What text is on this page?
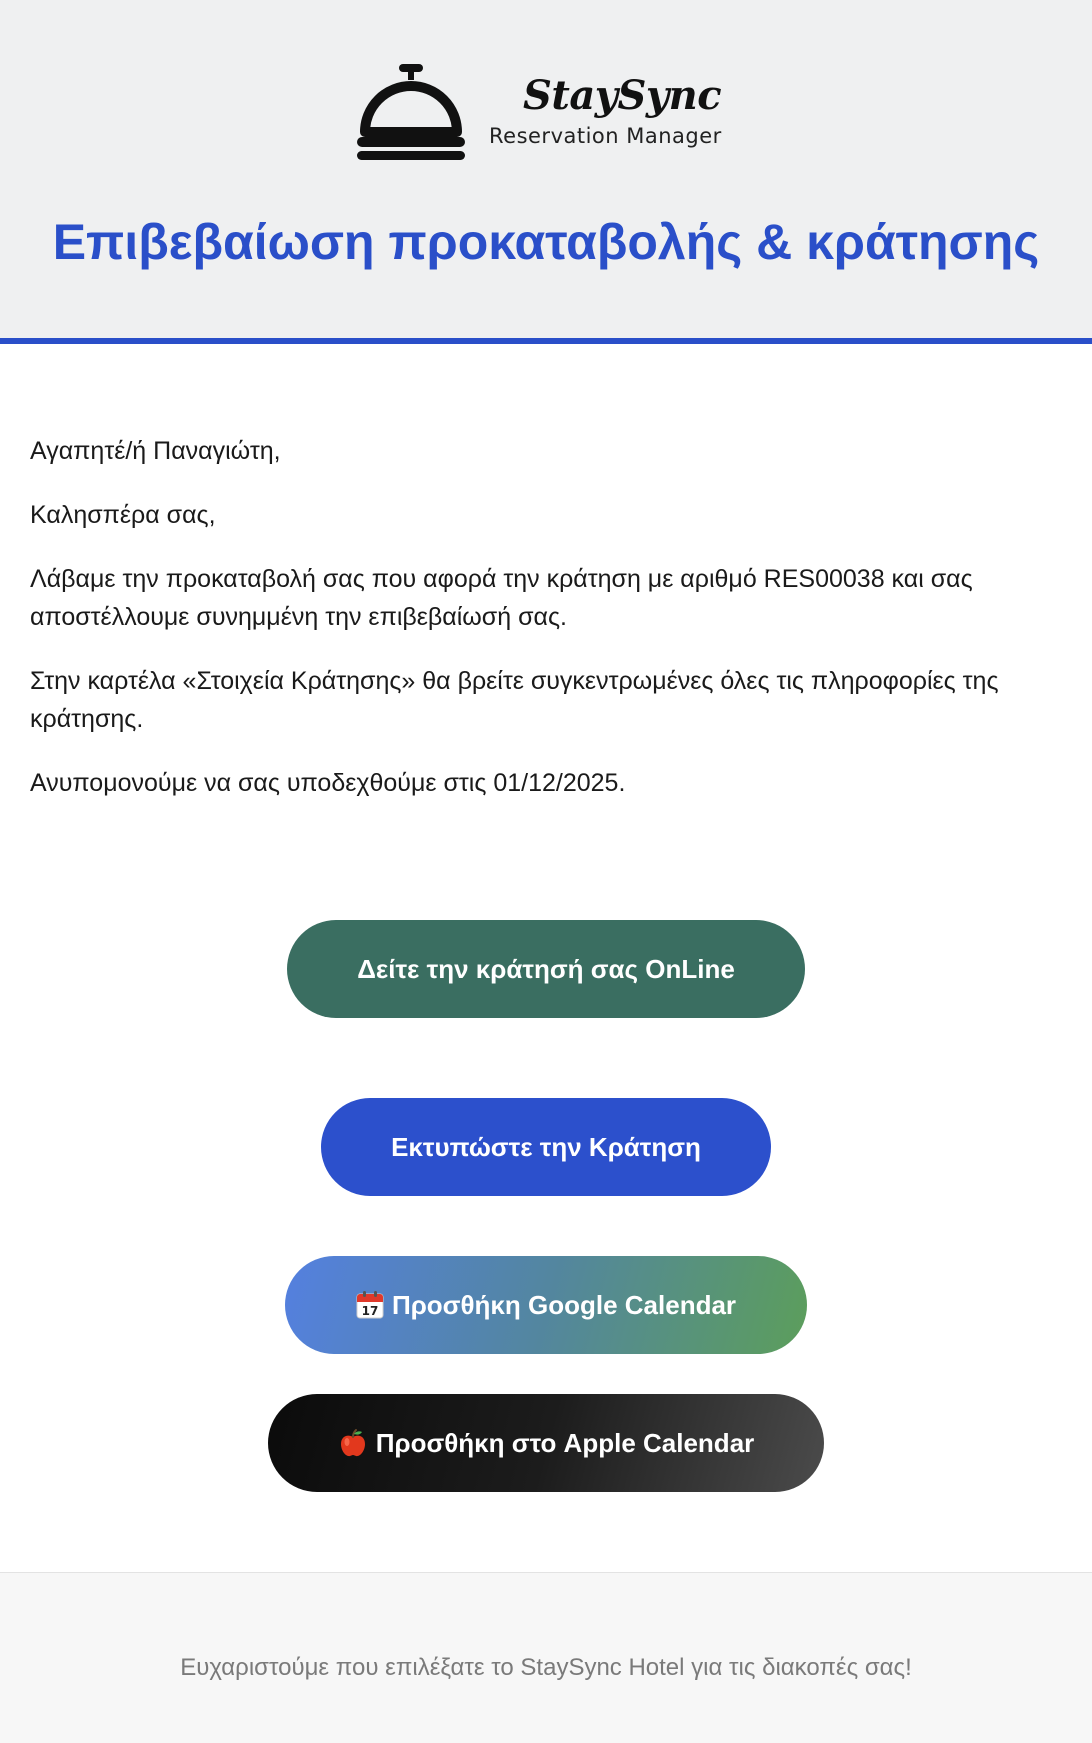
StaySync
Reservation Manager
Επιβεβαίωση προκαταβολής & κράτησης

Αγαπητέ/ή Παναγιώτη,

Καλησπέρα σας,

Λάβαμε την προκαταβολή σας που αφορά την κράτηση με αριθμό RES00038 και σας αποστέλλουμε συνημμένη την επιβεβαίωσή σας.

Στην καρτέλα «Στοιχεία Κράτησης» θα βρείτε συγκεντρωμένες όλες τις πληροφορίες της κράτησης.

Ανυπομονούμε να σας υποδεχθούμε στις 01/12/2025.

Δείτε την κράτησή σας OnLine
Εκτυπώστε την Κράτηση
17 Προσθήκη Google Calendar
Προσθήκη στο Apple Calendar
Ευχαριστούμε που επιλέξατε το StaySync Hotel για τις διακοπές σας!
